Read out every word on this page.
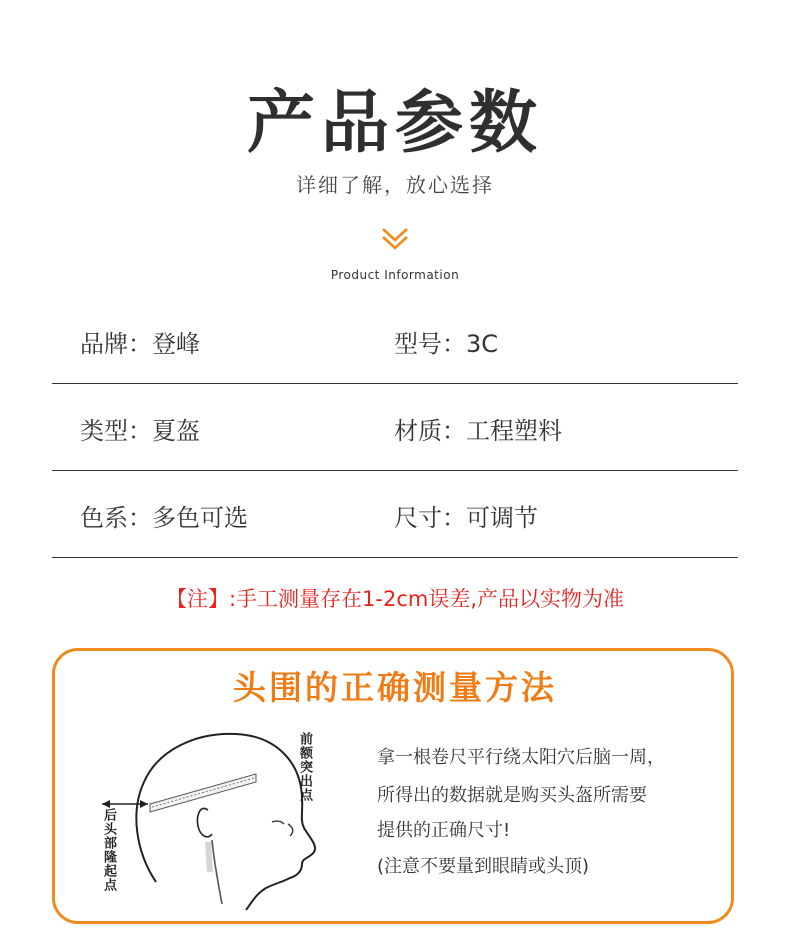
产品参数
详细了解，放心选择
Product Information
品牌：登峰	型号：3C
类型：夏盔	材质：工程塑料
色系：多色可选	尺寸：可调节
【注】:手工测量存在1-2cm误差,产品以实物为准
头围的正确测量方法
前额突出点
后头部隆起点
拿一根卷尺平行绕太阳穴后脑一周，
所得出的数据就是购买头盔所需要
提供的正确尺寸!
(注意不要量到眼睛或头顶)
